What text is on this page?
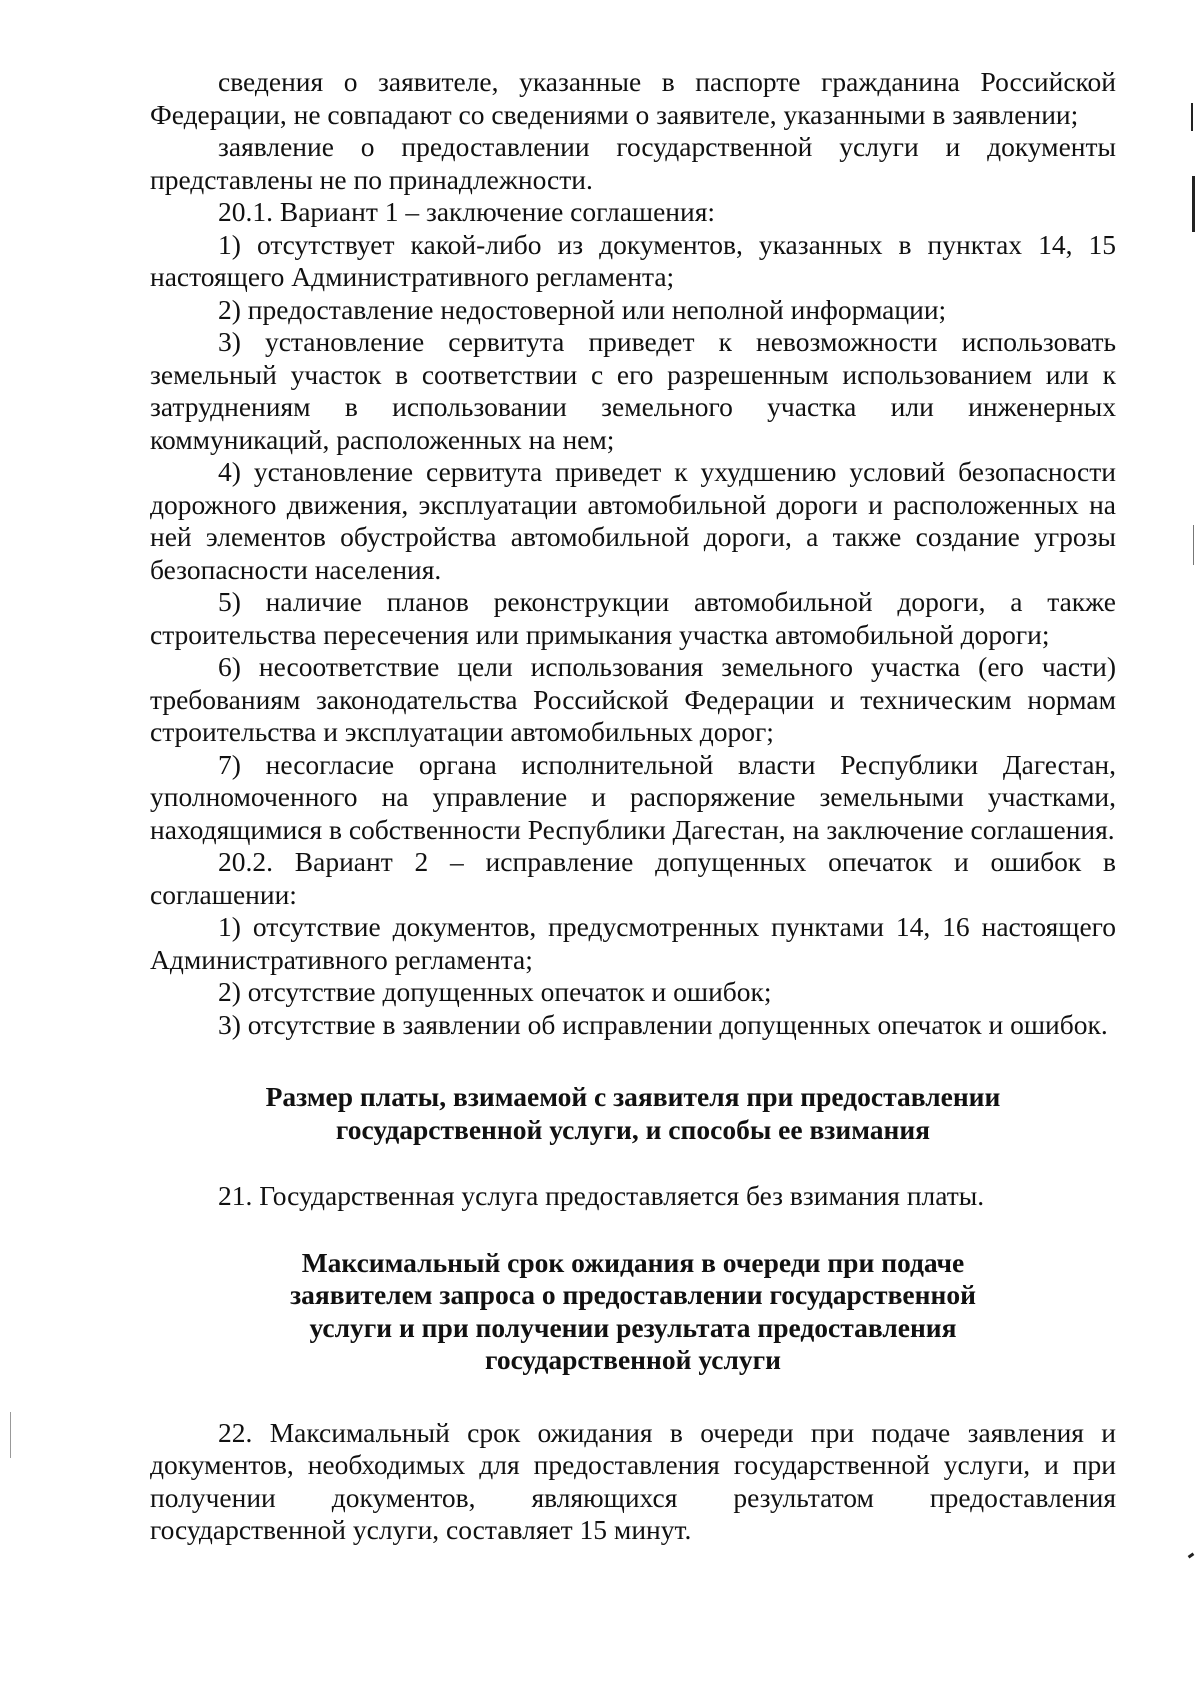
сведения о заявителе, указанные в паспорте гражданина Российской Федерации, не совпадают со сведениями о заявителе, указанными в заявлении;

заявление о предоставлении государственной услуги и документы представлены не по принадлежности.

20.1. Вариант 1 – заключение соглашения:

1) отсутствует какой-либо из документов, указанных в пунктах 14, 15 настоящего Административного регламента;

2) предоставление недостоверной или неполной информации;

3) установление сервитута приведет к невозможности использовать земельный участок в соответствии с его разрешенным использованием или к затруднениям в использовании земельного участка или инженерных коммуникаций, расположенных на нем;

4) установление сервитута приведет к ухудшению условий безопасности дорожного движения, эксплуатации автомобильной дороги и расположенных на ней элементов обустройства автомобильной дороги, а также создание угрозы безопасности населения.

5) наличие планов реконструкции автомобильной дороги, а также строительства пересечения или примыкания участка автомобильной дороги;

6) несоответствие цели использования земельного участка (его части) требованиям законодательства Российской Федерации и техническим нормам строительства и эксплуатации автомобильных дорог;

7) несогласие органа исполнительной власти Республики Дагестан, уполномоченного на управление и распоряжение земельными участками, находящимися в собственности Республики Дагестан, на заключение соглашения.

20.2. Вариант 2 – исправление допущенных опечаток и ошибок в соглашении:

1) отсутствие документов, предусмотренных пунктами 14, 16 настоящего Административного регламента;

2) отсутствие допущенных опечаток и ошибок;

3) отсутствие в заявлении об исправлении допущенных опечаток и ошибок.

Размер платы, взимаемой с заявителя при предоставлении

государственной услуги, и способы ее взимания

21. Государственная услуга предоставляется без взимания платы.

Максимальный срок ожидания в очереди при подаче

заявителем запроса о предоставлении государственной

услуги и при получении результата предоставления

государственной услуги

22. Максимальный срок ожидания в очереди при подаче заявления и документов, необходимых для предоставления государственной услуги, и при получении документов, являющихся результатом предоставления государственной услуги, составляет 15 минут.
